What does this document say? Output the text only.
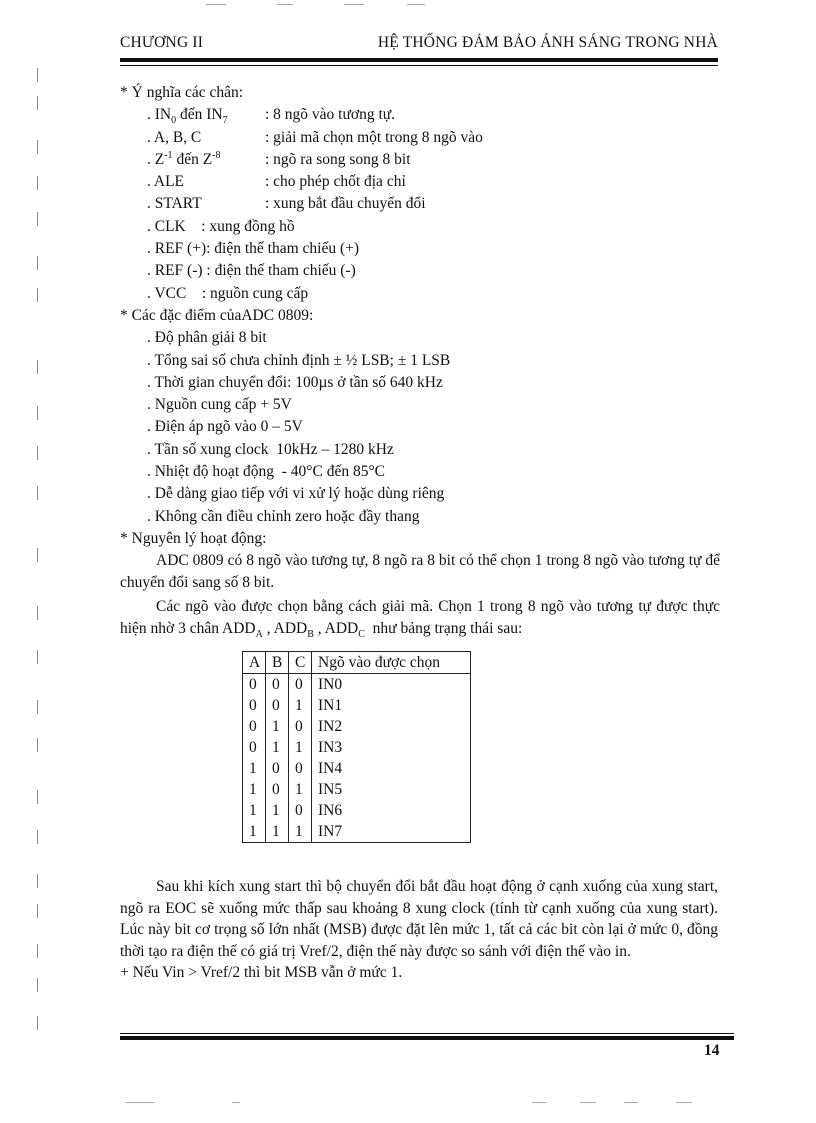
CHƯƠNG II	HỆ THỐNG ĐẢM BẢO ÁNH SÁNG TRONG NHÀ
* Ý nghĩa các chân:
. $IN_0$ đến $IN_7$ : 8 ngõ vào tương tự.
. A, B, C	: giải mã chọn một trong 8 ngõ vào
. $Z^{-1}$ đến $Z^{-8}$	: ngõ ra song song 8 bit
. ALE	: cho phép chốt địa chỉ
. START	: xung bắt đầu chuyển đổi
. CLK    : xung đồng hồ
. REF (+): điện thế tham chiếu (+)
. REF (-) : điện thế tham chiếu (-)
. VCC    : nguồn cung cấp
* Các đặc điểm củaADC 0809:
. Độ phân giải 8 bit
. Tổng sai số chưa chỉnh định ± ½ LSB; ± 1 LSB
. Thời gian chuyển đổi: 100µs ở tần số 640 kHz
. Nguồn cung cấp + 5V
. Điện áp ngõ vào 0 – 5V
. Tần số xung clock  10kHz – 1280 kHz
. Nhiệt độ hoạt động  - 40°C đến 85°C
. Dễ dàng giao tiếp với vi xử lý hoặc dùng riêng
. Không cần điều chỉnh zero hoặc đầy thang
* Nguyên lý hoạt động:
ADC 0809 có 8 ngõ vào tương tự, 8 ngõ ra 8 bit có thể chọn 1 trong 8 ngõ vào tương tự để chuyển đổi sang số 8 bit.
Các ngõ vào được chọn bằng cách giải mã. Chọn 1 trong 8 ngõ vào tương tự được thực hiện nhờ 3 chân $ADD_A$ , $ADD_B$ , $ADD_C$  như bảng trạng thái sau:
A	B	C	Ngõ vào được chọn
0	0	0	IN0
0	0	1	IN1
0	1	0	IN2
0	1	1	IN3
1	0	0	IN4
1	0	1	IN5
1	1	0	IN6
1	1	1	IN7
Sau khi kích xung start thì bộ chuyển đổi bắt đầu hoạt động ở cạnh xuống của xung start, ngõ ra EOC sẽ xuống mức thấp sau khoảng 8 xung clock (tính từ cạnh xuống của xung start). Lúc này bit cơ trọng số lớn nhất (MSB) được đặt lên mức 1, tất cả các bit còn lại ở mức 0, đồng thời tạo ra điện thế có giá trị Vref/2, điện thế này được so sánh với điện thế vào in.
+ Nếu Vin > Vref/2 thì bit MSB vẫn ở mức 1.
14
